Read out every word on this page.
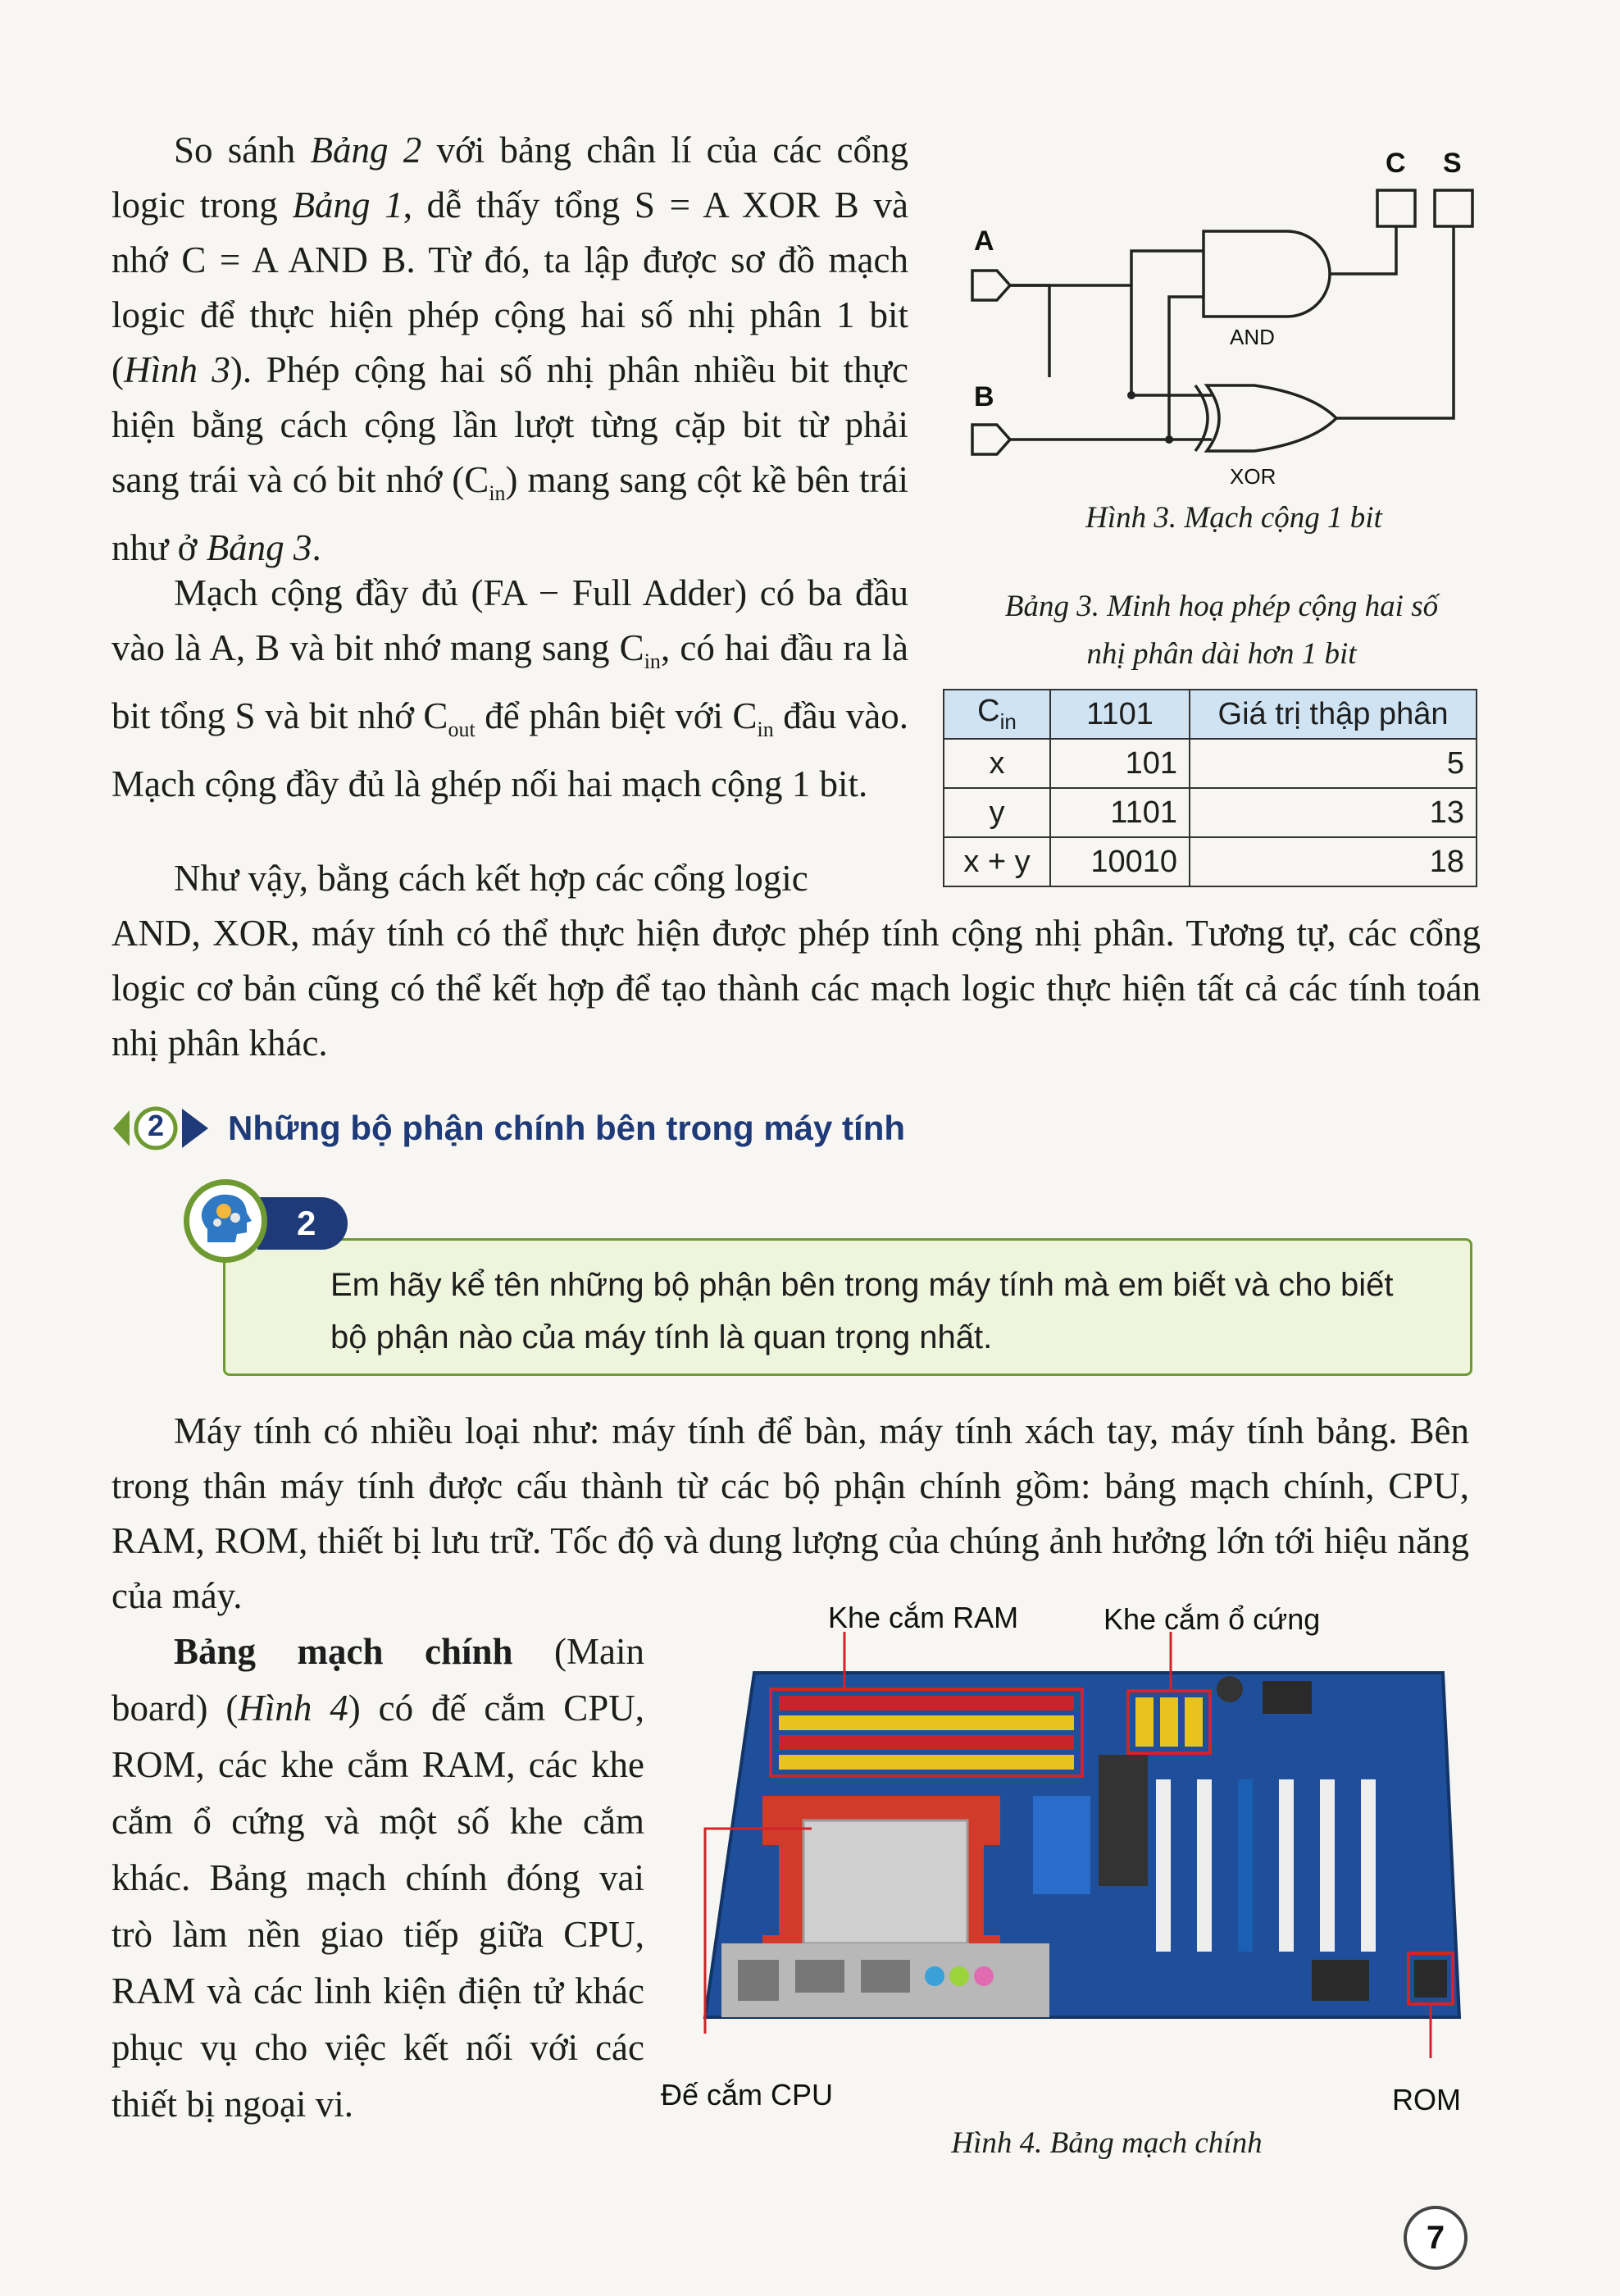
So sánh Bảng 2 với bảng chân lí của các cổng logic trong Bảng 1, dễ thấy tổng S = A XOR B và nhớ C = A AND B. Từ đó, ta lập được sơ đồ mạch logic để thực hiện phép cộng hai số nhị phân 1 bit (Hình 3). Phép cộng hai số nhị phân nhiều bit thực hiện bằng cách cộng lần lượt từng cặp bit từ phải sang trái và có bit nhớ $(C_{in})$ mang sang cột kề bên trái như ở Bảng 3.
Mạch cộng đầy đủ (FA − Full Adder) có ba đầu vào là A, B và bit nhớ mang sang $C_{in}$, có hai đầu ra là bit tổng S và bit nhớ $C_{out}$ để phân biệt với $C_{in}$ đầu vào. Mạch cộng đầy đủ là ghép nối hai mạch cộng 1 bit.
Như vậy, bằng cách kết hợp các cổng logic
AND, XOR, máy tính có thể thực hiện được phép tính cộng nhị phân. Tương tự, các cổng logic cơ bản cũng có thể kết hợp để tạo thành các mạch logic thực hiện tất cả các tính toán nhị phân khác.
A
B
C S
AND
XOR
Hình 3. Mạch cộng 1 bit
Bảng 3. Minh hoạ phép cộng hai số
nhị phân dài hơn 1 bit
$C_{in}$	1101	Giá trị thập phân
x	101	5
y	1101	13
x + y	10010	18
2 Những bộ phận chính bên trong máy tính
Em hãy kể tên những bộ phận bên trong máy tính mà em biết và cho biết
bộ phận nào của máy tính là quan trọng nhất.
2
Máy tính có nhiều loại như: máy tính để bàn, máy tính xách tay, máy tính bảng. Bên trong thân máy tính được cấu thành từ các bộ phận chính gồm: bảng mạch chính, CPU, RAM, ROM, thiết bị lưu trữ. Tốc độ và dung lượng của chúng ảnh hưởng lớn tới hiệu năng của máy.
Bảng mạch chính (Main board) (Hình 4) có đế cắm CPU, ROM, các khe cắm RAM, các khe cắm ổ cứng và một số khe cắm khác. Bảng mạch chính đóng vai trò làm nền giao tiếp giữa CPU, RAM và các linh kiện điện tử khác phục vụ cho việc kết nối với các thiết bị ngoại vi.
Khe cắm RAM	Khe cắm ổ cứng
Đế cắm CPU	ROM
Hình 4. Bảng mạch chính
7
